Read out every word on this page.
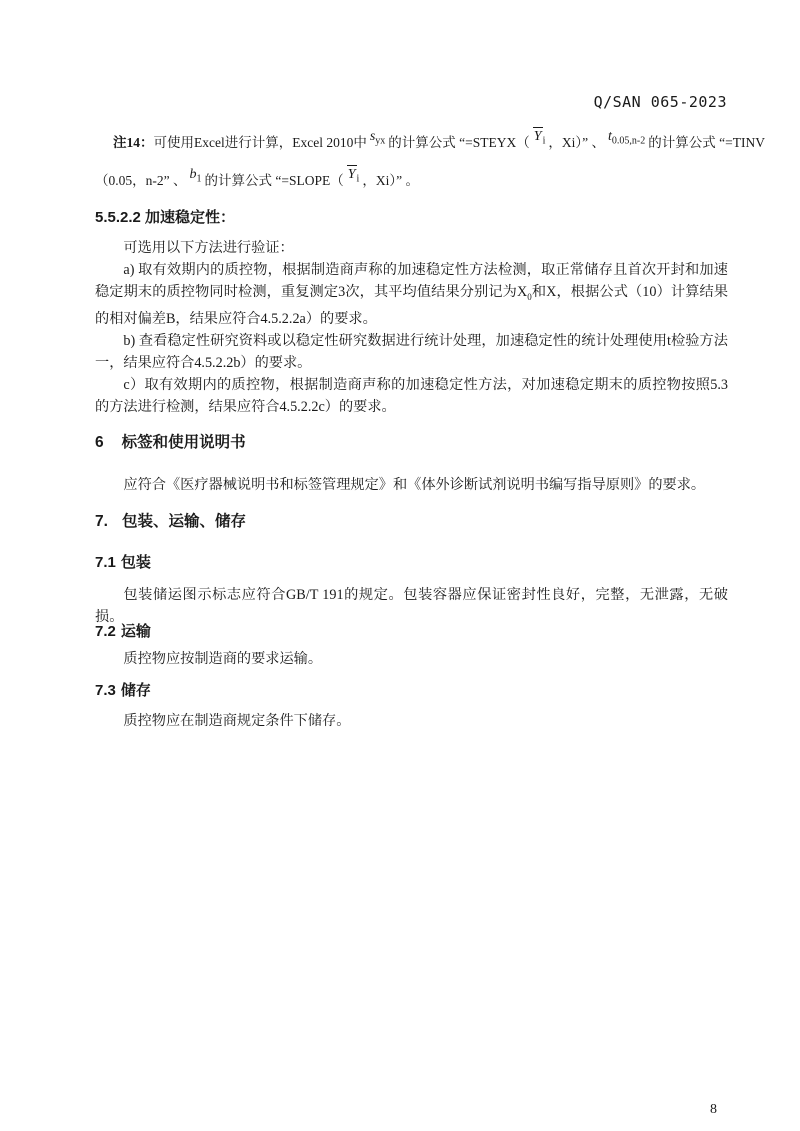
Q/SAN 065-2023
注14：可使用Excel进行计算，Excel 2010中 $s_{yx}$ 的计算公式 “=STEYX（ $Y_i$ ，Xi）” 、 $t_{0.05,n-2}$ 的计算公式 “=TINV
（0.05，n-2” 、 $b_1$ 的计算公式 “=SLOPE（ $Y_i$ ，Xi）” 。
5.5.2.2 加速稳定性：

可选用以下方法进行验证：

a) 取有效期内的质控物，根据制造商声称的加速稳定性方法检测，取正常储存且首次开封和加速稳定期末的质控物同时检测，重复测定3次，其平均值结果分别记为$X_0$和X，根据公式（10）计算结果的相对偏差B，结果应符合4.5.2.2a）的要求。

b) 查看稳定性研究资料或以稳定性研究数据进行统计处理，加速稳定性的统计处理使用t检验方法一，结果应符合4.5.2.2b）的要求。

c）取有效期内的质控物，根据制造商声称的加速稳定性方法，对加速稳定期末的质控物按照5.3的方法进行检测，结果应符合4.5.2.2c）的要求。

6 标签和使用说明书

应符合《医疗器械说明书和标签管理规定》和《体外诊断试剂说明书编写指导原则》的要求。

7. 包装、运输、储存
7.1 包装

包装储运图示标志应符合GB/T 191的规定。包装容器应保证密封性良好，完整，无泄露，无破损。

7.2 运输

质控物应按制造商的要求运输。

7.3 储存

质控物应在制造商规定条件下储存。

8
